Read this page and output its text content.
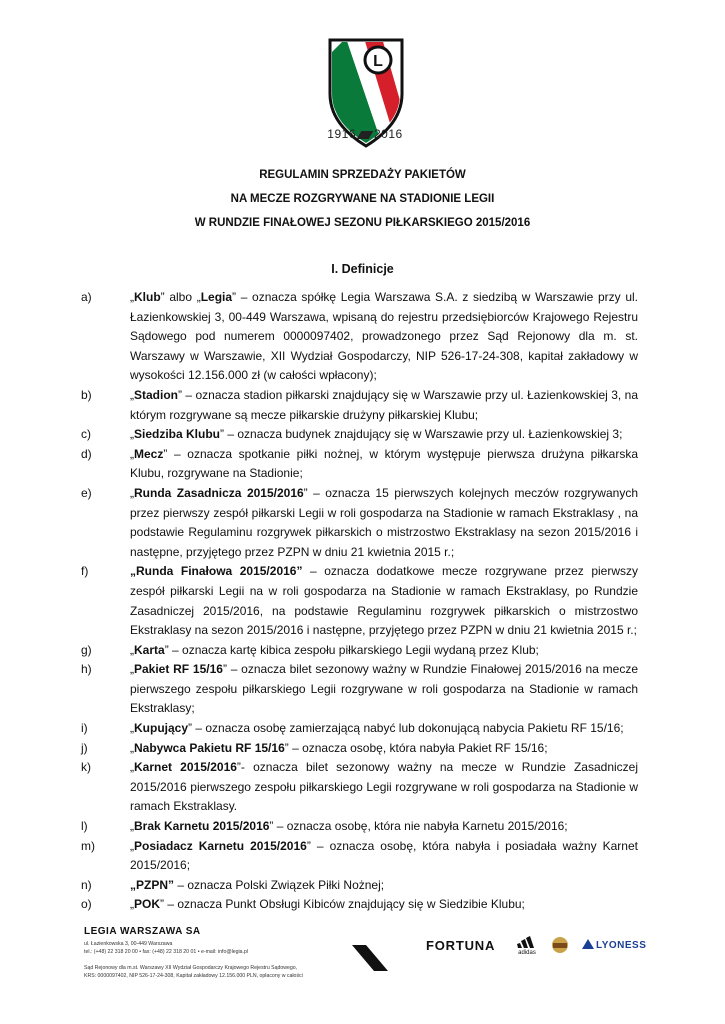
L
1916 2016
REGULAMIN SPRZEDAŻY PAKIETÓW
NA MECZE ROZGRYWANE NA STADIONIE LEGII
W RUNDZIE FINAŁOWEJ SEZONU PIŁKARSKIEGO 2015/2016
I. Definicje

a)	„Klub” albo „Legia” – oznacza spółkę Legia Warszawa S.A. z siedzibą w Warszawie przy ul. Łazienkowskiej 3, 00-449 Warszawa, wpisaną do rejestru przedsiębiorców Krajowego Rejestru Sądowego pod numerem 0000097402, prowadzonego przez Sąd Rejonowy dla m. st. Warszawy w Warszawie, XII Wydział Gospodarczy, NIP 526-17-24-308, kapitał zakładowy w wysokości 12.156.000 zł (w całości wpłacony);

b)	„Stadion” – oznacza stadion piłkarski znajdujący się w Warszawie przy ul. Łazienkowskiej 3, na którym rozgrywane są mecze piłkarskie drużyny piłkarskiej Klubu;

c)	„Siedziba Klubu” – oznacza budynek znajdujący się w Warszawie przy ul. Łazienkowskiej 3;

d)	„Mecz” – oznacza spotkanie piłki nożnej, w którym występuje pierwsza drużyna piłkarska Klubu, rozgrywane na Stadionie;

e)	„Runda Zasadnicza 2015/2016” – oznacza 15 pierwszych kolejnych meczów rozgrywanych przez pierwszy zespół piłkarski Legii w roli gospodarza na Stadionie w ramach Ekstraklasy , na podstawie Regulaminu rozgrywek piłkarskich o mistrzostwo Ekstraklasy na sezon 2015/2016 i następne, przyjętego przez PZPN w dniu 21 kwietnia 2015 r.;

f)	„Runda Finałowa 2015/2016” – oznacza dodatkowe mecze rozgrywane przez pierwszy zespół piłkarski Legii na w roli gospodarza na Stadionie w ramach Ekstraklasy, po Rundzie Zasadniczej 2015/2016, na podstawie Regulaminu rozgrywek piłkarskich o mistrzostwo Ekstraklasy na sezon 2015/2016 i następne, przyjętego przez PZPN w dniu 21 kwietnia 2015 r.;

g)	„Karta” – oznacza kartę kibica zespołu piłkarskiego Legii wydaną przez Klub;

h)	„Pakiet RF 15/16” – oznacza bilet sezonowy ważny w Rundzie Finałowej 2015/2016 na mecze pierwszego zespołu piłkarskiego Legii rozgrywane w roli gospodarza na Stadionie w ramach Ekstraklasy;

i)	„Kupujący” – oznacza osobę zamierzającą nabyć lub dokonującą nabycia Pakietu RF 15/16;

j)	„Nabywca Pakietu RF 15/16” – oznacza osobę, która nabyła Pakiet RF 15/16;

k)	„Karnet 2015/2016”- oznacza bilet sezonowy ważny na mecze w Rundzie Zasadniczej 2015/2016 pierwszego zespołu piłkarskiego Legii rozgrywane w roli gospodarza na Stadionie w ramach Ekstraklasy.

l)	„Brak Karnetu 2015/2016” – oznacza osobę, która nie nabyła Karnetu 2015/2016;

m)	„Posiadacz Karnetu 2015/2016” – oznacza osobę, która nabyła i posiadała ważny Karnet 2015/2016;

n)	„PZPN” – oznacza Polski Związek Piłki Nożnej;

o)	„POK” – oznacza Punkt Obsługi Kibiców znajdujący się w Siedzibie Klubu;

LEGIA WARSZAWA SA
ul. Łazienkowska 3, 00-449 Warszawa
tel.: (+48) 22 318 20 00 • fax: (+48) 22 318 20 01 • e-mail: info@legia.pl
Sąd Rejonowy dla m.st. Warszawy XII Wydział Gospodarczy Krajowego Rejestru Sądowego,
KRS: 0000097402, NIP 526-17-24-308, Kapitał zakładowy 12.156.000 PLN, opłacony w całości
FORTUNA	adidas
LYONESS
